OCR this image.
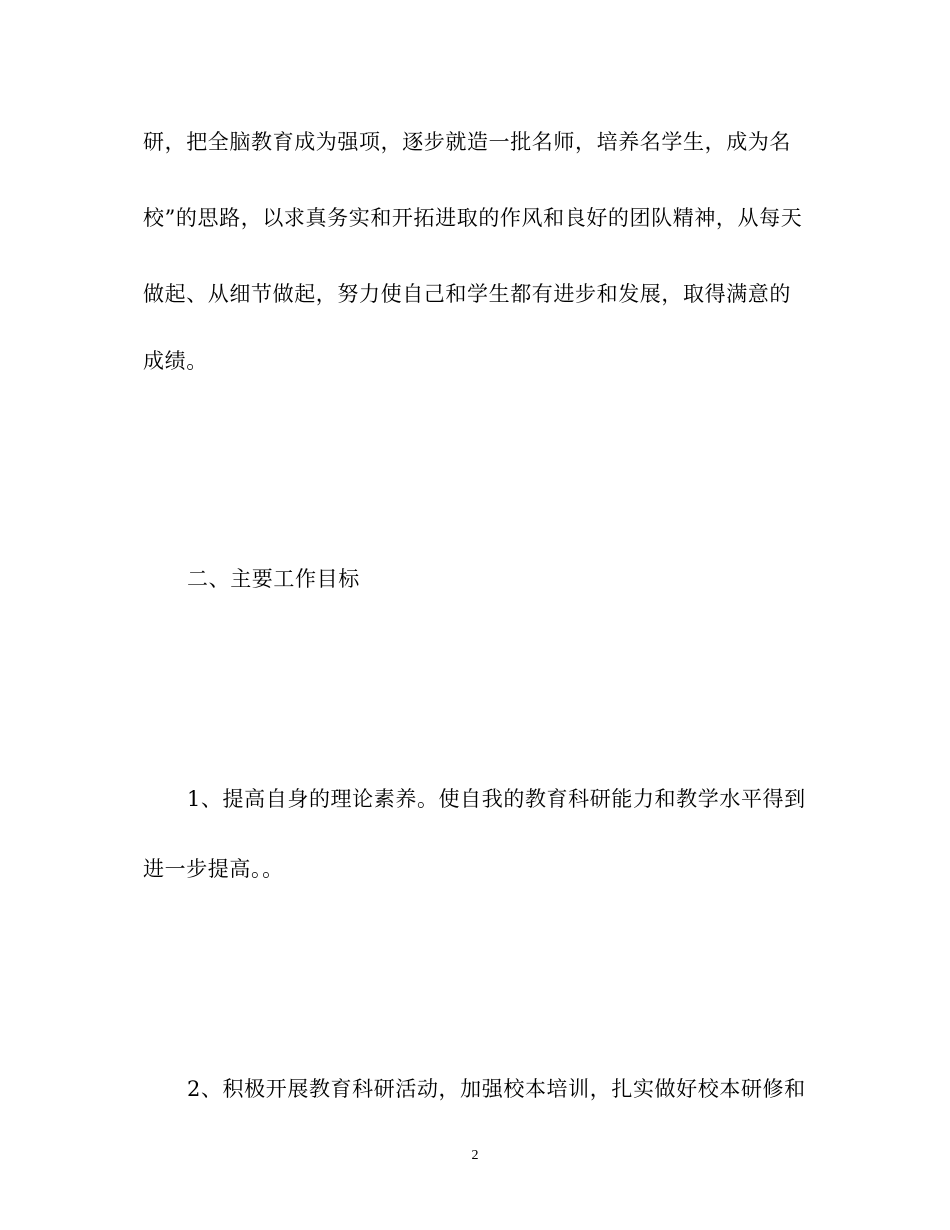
研，把全脑教育成为强项，逐步就造一批名师，培养名学生，成为名
校”的思路，以求真务实和开拓进取的作风和良好的团队精神，从每天
做起、从细节做起，努力使自己和学生都有进步和发展，取得满意的
成绩。
二、主要工作目标
1、提高自身的理论素养。使自我的教育科研能力和教学水平得到
进一步提高。。
2、积极开展教育科研活动，加强校本培训，扎实做好校本研修和
2
